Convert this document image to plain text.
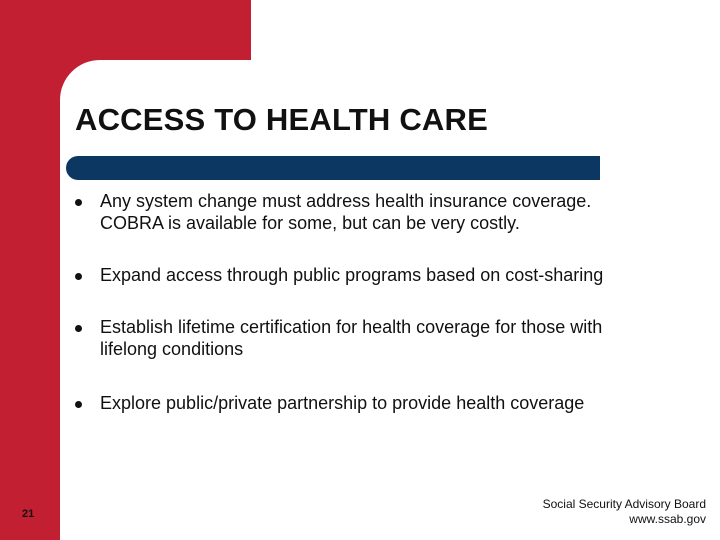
ACCESS TO HEALTH CARE
Any system change must address health insurance coverage.
COBRA is available for some, but can be very costly.
Expand access through public programs based on cost-sharing
Establish lifetime certification for health coverage for those with
lifelong conditions
Explore public/private partnership to provide health coverage
21
Social Security Advisory Board
www.ssab.gov
